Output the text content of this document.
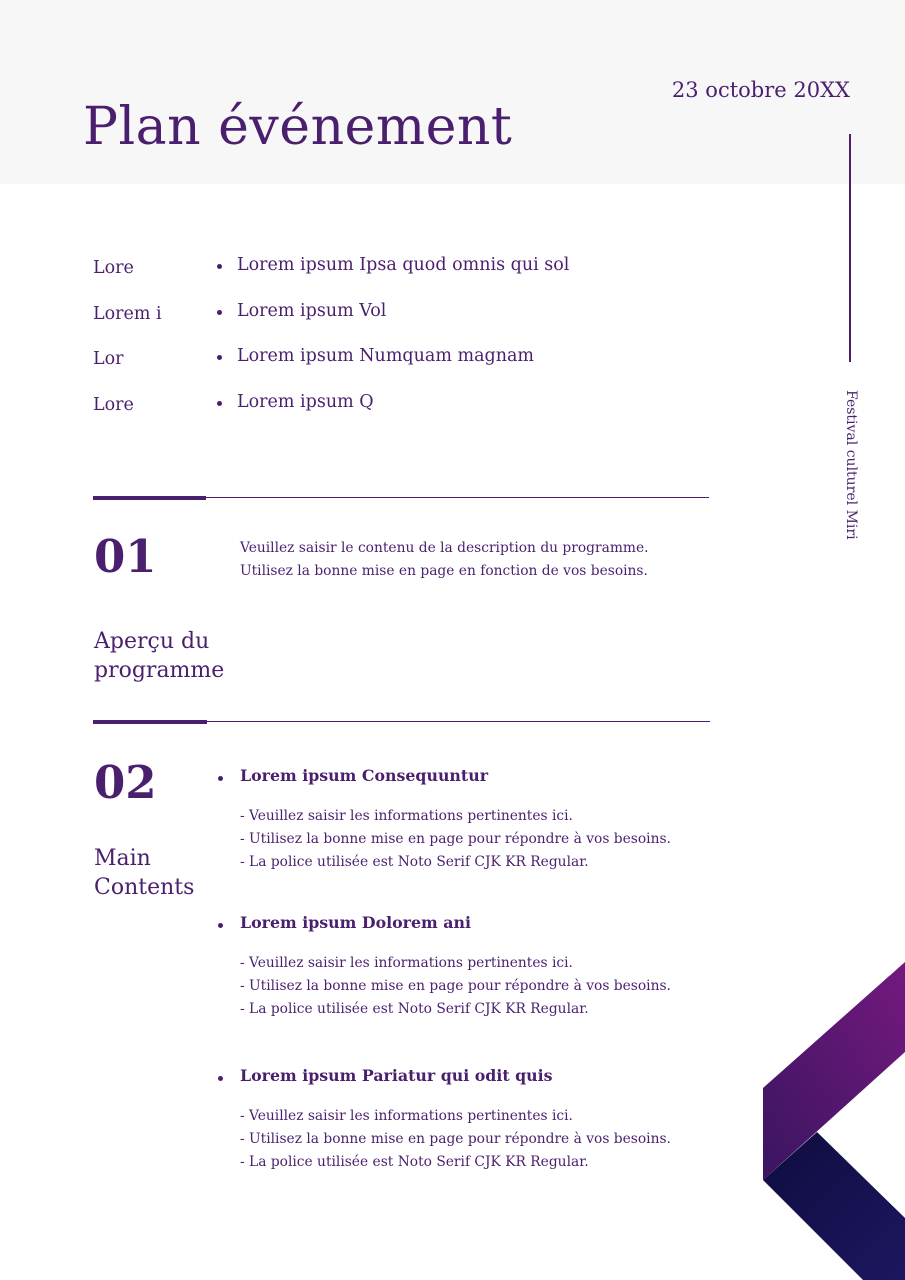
Plan événement
23 octobre 20XX
Festival culturel Miri
Lore	Lorem ipsum Ipsa quod omnis qui sol
Lorem i	Lorem ipsum Vol
Lor	Lorem ipsum Numquam magnam
Lore	Lorem ipsum Q
01	Veuillez saisir le contenu de la description du programme.
Utilisez la bonne mise en page en fonction de vos besoins.
Aperçu du programme
02
Main Contents

Lorem ipsum Consequuntur

- Veuillez saisir les informations pertinentes ici.
- Utilisez la bonne mise en page pour répondre à vos besoins.
- La police utilisée est Noto Serif CJK KR Regular.

Lorem ipsum Dolorem ani

- Veuillez saisir les informations pertinentes ici.
- Utilisez la bonne mise en page pour répondre à vos besoins.
- La police utilisée est Noto Serif CJK KR Regular.

Lorem ipsum Pariatur qui odit quis

- Veuillez saisir les informations pertinentes ici.
- Utilisez la bonne mise en page pour répondre à vos besoins.
- La police utilisée est Noto Serif CJK KR Regular.
